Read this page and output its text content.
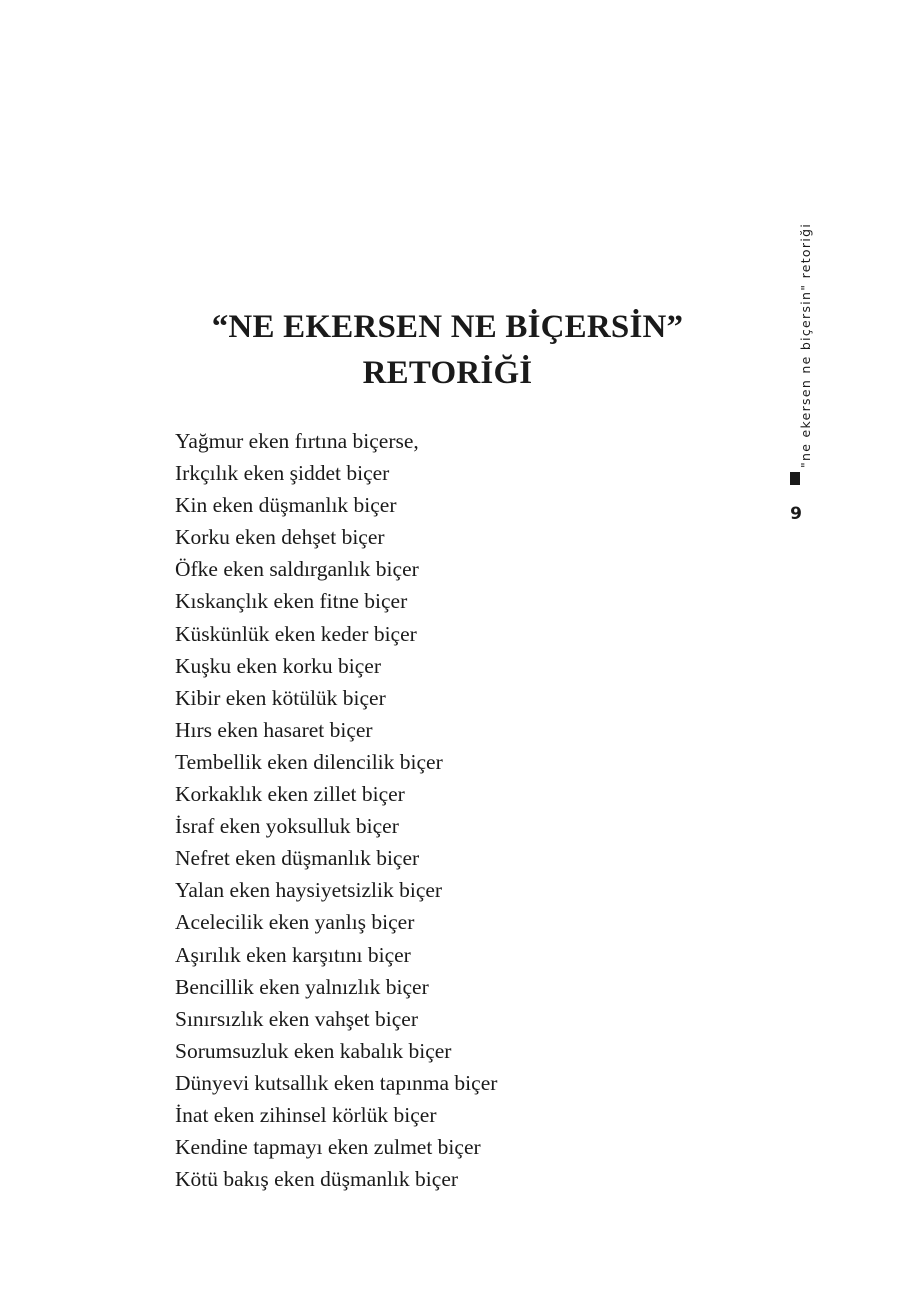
“NE EKERSEN NE BİÇERSİN”
RETORİĞİ
Yağmur eken fırtına biçerse,
Irkçılık eken şiddet biçer
Kin eken düşmanlık biçer
Korku eken dehşet biçer
Öfke eken saldırganlık biçer
Kıskançlık eken fitne biçer
Küskünlük eken keder biçer
Kuşku eken korku biçer
Kibir eken kötülük biçer
Hırs eken hasaret biçer
Tembellik eken dilencilik biçer
Korkaklık eken zillet biçer
İsraf eken yoksulluk biçer
Nefret eken düşmanlık biçer
Yalan eken haysiyetsizlik biçer
Acelecilik eken yanlış biçer
Aşırılık eken karşıtını biçer
Bencillik eken yalnızlık biçer
Sınırsızlık eken vahşet biçer
Sorumsuzluk eken kabalık biçer
Dünyevi kutsallık eken tapınma biçer
İnat eken zihinsel körlük biçer
Kendine tapmayı eken zulmet biçer
Kötü bakış eken düşmanlık biçer
"ne ekersen ne biçersin" retoriği
9
